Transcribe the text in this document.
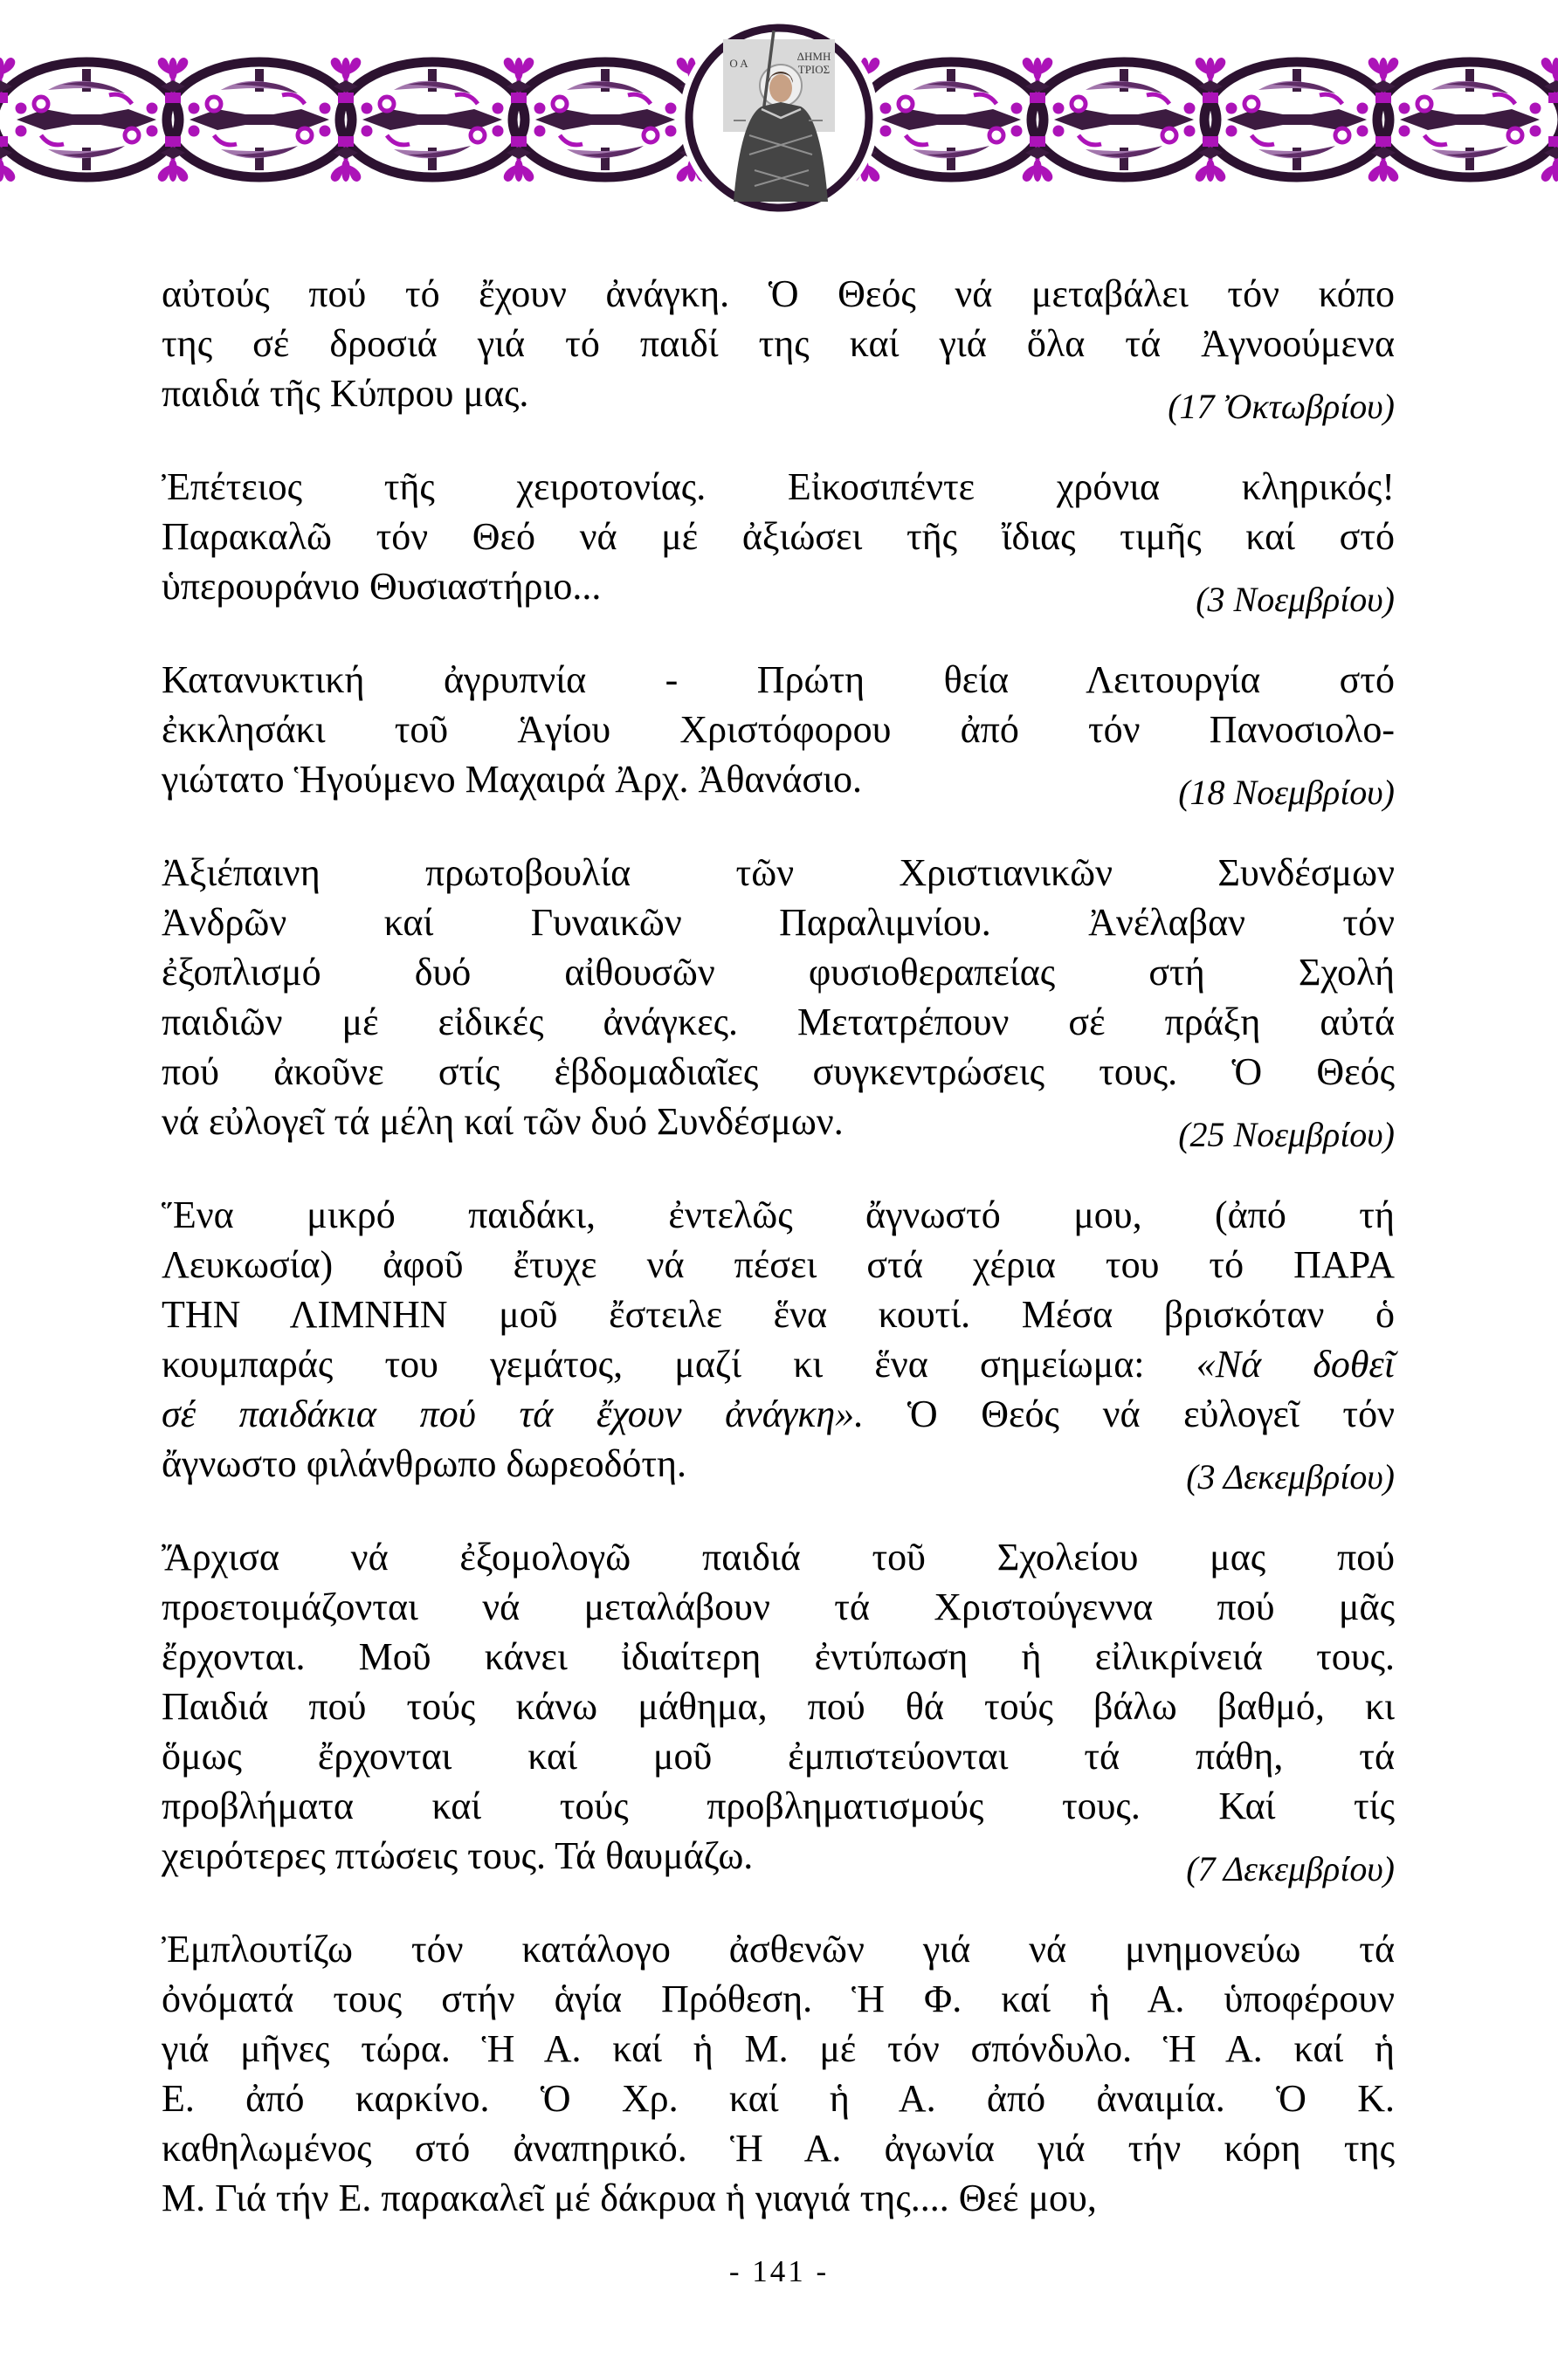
Ο Α
ΔΗΜΗ
ΤΡΙΟΣ

αὐτούς πού τό ἔχουν ἀνάγκη. Ὁ Θεός νά μεταβάλει τόν κόπο
της σέ δροσιά γιά τό παιδί της καί γιά ὅλα τά Ἀγνοούμενα
παιδιά τῆς Κύπρου μας.	(17 Ὀκτωβρίου)

Ἐπέτειος τῆς χειροτονίας. Εἰκοσιπέντε χρόνια κληρικός!
Παρακαλῶ τόν Θεό νά μέ ἀξιώσει τῆς ἴδιας τιμῆς καί στό
ὑπερουράνιο Θυσιαστήριο...	(3 Νοεμβρίου)

Κατανυκτική ἀγρυπνία - Πρώτη θεία Λειτουργία στό
ἐκκλησάκι τοῦ Ἁγίου Χριστόφορου ἀπό τόν Πανοσιολο-
γιώτατο Ἡγούμενο Μαχαιρά Ἀρχ. Ἀθανάσιο.	(18 Νοεμβρίου)

Ἀξιέπαινη πρωτοβουλία τῶν Χριστιανικῶν Συνδέσμων
Ἀνδρῶν καί Γυναικῶν Παραλιμνίου. Ἀνέλαβαν τόν
ἐξοπλισμό δυό αἰθουσῶν φυσιοθεραπείας στή Σχολή
παιδιῶν μέ εἰδικές ἀνάγκες. Μετατρέπουν σέ πράξη αὐτά
πού ἀκοῦνε στίς ἑβδομαδιαῖες συγκεντρώσεις τους. Ὁ Θεός
νά εὐλογεῖ τά μέλη καί τῶν δυό Συνδέσμων.	(25 Νοεμβρίου)

Ἕνα μικρό παιδάκι, ἐντελῶς ἄγνωστό μου, (ἀπό τή
Λευκωσία) ἀφοῦ ἔτυχε νά πέσει στά χέρια του τό ΠΑΡΑ
ΤΗΝ ΛΙΜΝΗΝ μοῦ ἔστειλε ἕνα κουτί. Μέσα βρισκόταν ὁ
κουμπαράς του γεμάτος, μαζί κι ἕνα σημείωμα: «Νά δοθεῖ
σέ παιδάκια πού τά ἔχουν ἀνάγκη». Ὁ Θεός νά εὐλογεῖ τόν
ἄγνωστο φιλάνθρωπο δωρεοδότη.	(3 Δεκεμβρίου)

Ἄρχισα νά ἐξομολογῶ παιδιά τοῦ Σχολείου μας πού
προετοιμάζονται νά μεταλάβουν τά Χριστούγεννα πού μᾶς
ἔρχονται. Μοῦ κάνει ἰδιαίτερη ἐντύπωση ἡ εἰλικρίνειά τους.
Παιδιά πού τούς κάνω μάθημα, πού θά τούς βάλω βαθμό, κι
ὅμως ἔρχονται καί μοῦ ἐμπιστεύονται τά πάθη, τά
προβλήματα καί τούς προβληματισμούς τους. Καί τίς
χειρότερες πτώσεις τους. Τά θαυμάζω.	(7 Δεκεμβρίου)

Ἐμπλουτίζω τόν κατάλογο ἀσθενῶν γιά νά μνημονεύω τά
ὀνόματά τους στήν ἁγία Πρόθεση. Ἡ Φ. καί ἡ Α. ὑποφέρουν
γιά μῆνες τώρα. Ἡ Α. καί ἡ Μ. μέ τόν σπόνδυλο. Ἡ Α. καί ἡ
Ε. ἀπό καρκίνο. Ὁ Χρ. καί ἡ Α. ἀπό ἀναιμία. Ὁ Κ.
καθηλωμένος στό ἀναπηρικό. Ἡ Α. ἀγωνία γιά τήν κόρη της
Μ. Γιά τήν Ε. παρακαλεῖ μέ δάκρυα ἡ γιαγιά της.... Θεέ μου,

- 141 -
